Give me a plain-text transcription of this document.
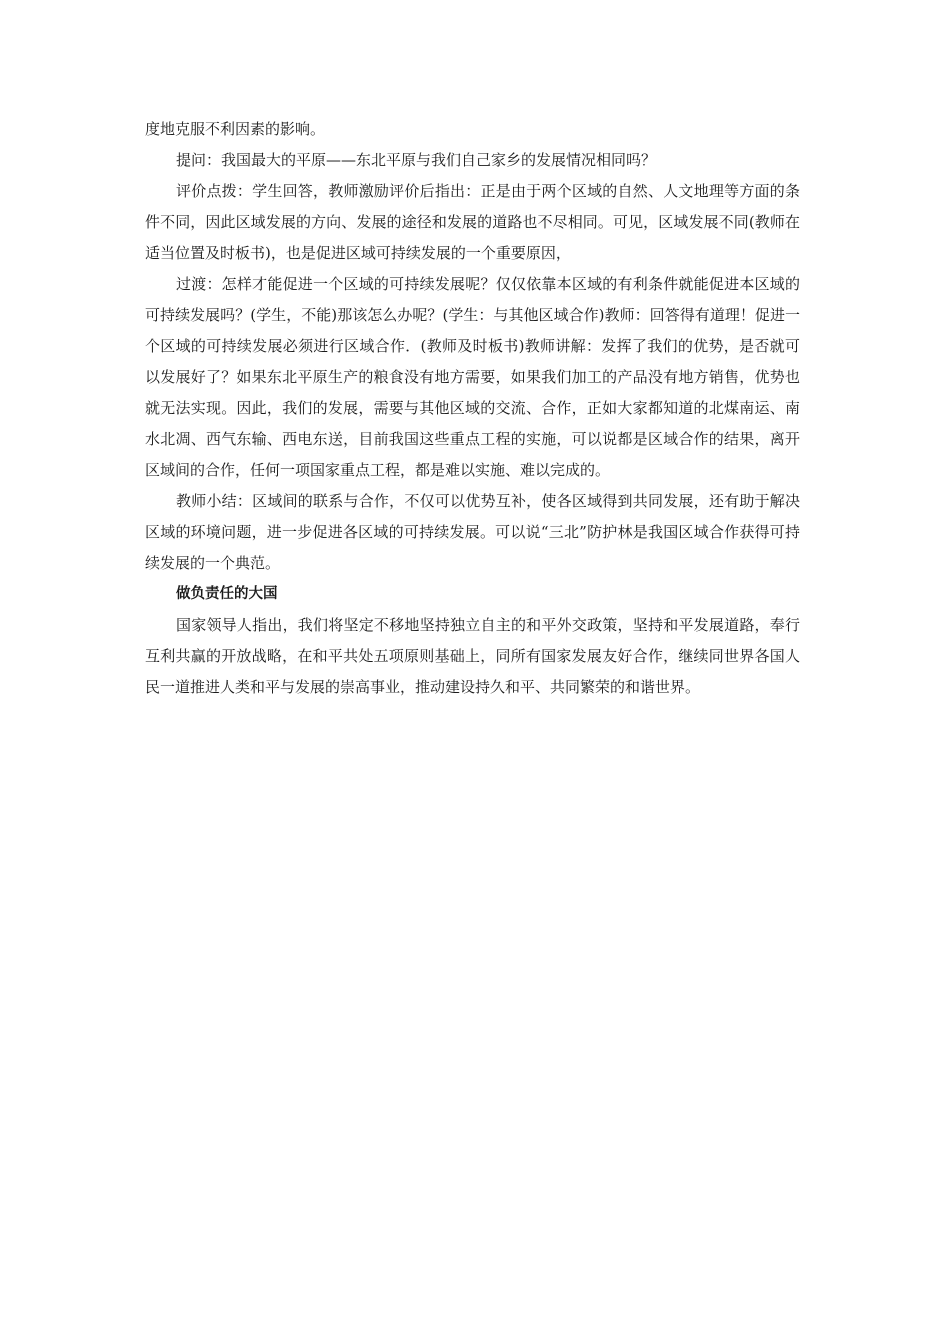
度地克服不利因素的影响。

提问：我国最大的平原——东北平原与我们自己家乡的发展情况相同吗？

评价点拨：学生回答，教师激励评价后指出：正是由于两个区域的自然、人文地理等方面的条件不同，因此区域发展的方向、发展的途径和发展的道路也不尽相同。可见，区域发展不同(教师在适当位置及时板书)，也是促进区域可持续发展的一个重要原因，

过渡：怎样才能促进一个区域的可持续发展呢？仅仅依靠本区域的有利条件就能促进本区域的可持续发展吗？(学生，不能)那该怎么办呢？(学生：与其他区域合作)教师：回答得有道理！促进一个区域的可持续发展必须进行区域合作．(教师及时板书)教师讲解：发挥了我们的优势，是否就可以发展好了？如果东北平原生产的粮食没有地方需要，如果我们加工的产品没有地方销售，优势也就无法实现。因此，我们的发展，需要与其他区域的交流、合作，正如大家都知道的北煤南运、南水北凋、西气东输、西电东送，目前我国这些重点工程的实施，可以说都是区域合作的结果，离开区域间的合作，任何一项国家重点工程，都是难以实施、难以完成的。

教师小结：区域间的联系与合作，不仅可以优势互补，使各区域得到共同发展，还有助于解决区域的环境问题，进一步促进各区域的可持续发展。可以说“三北”防护林是我国区域合作获得可持续发展的一个典范。

做负责任的大国

国家领导人指出，我们将坚定不移地坚持独立自主的和平外交政策，坚持和平发展道路，奉行互利共赢的开放战略，在和平共处五项原则基础上，同所有国家发展友好合作，继续同世界各国人民一道推进人类和平与发展的崇高事业，推动建设持久和平、共同繁荣的和谐世界。
